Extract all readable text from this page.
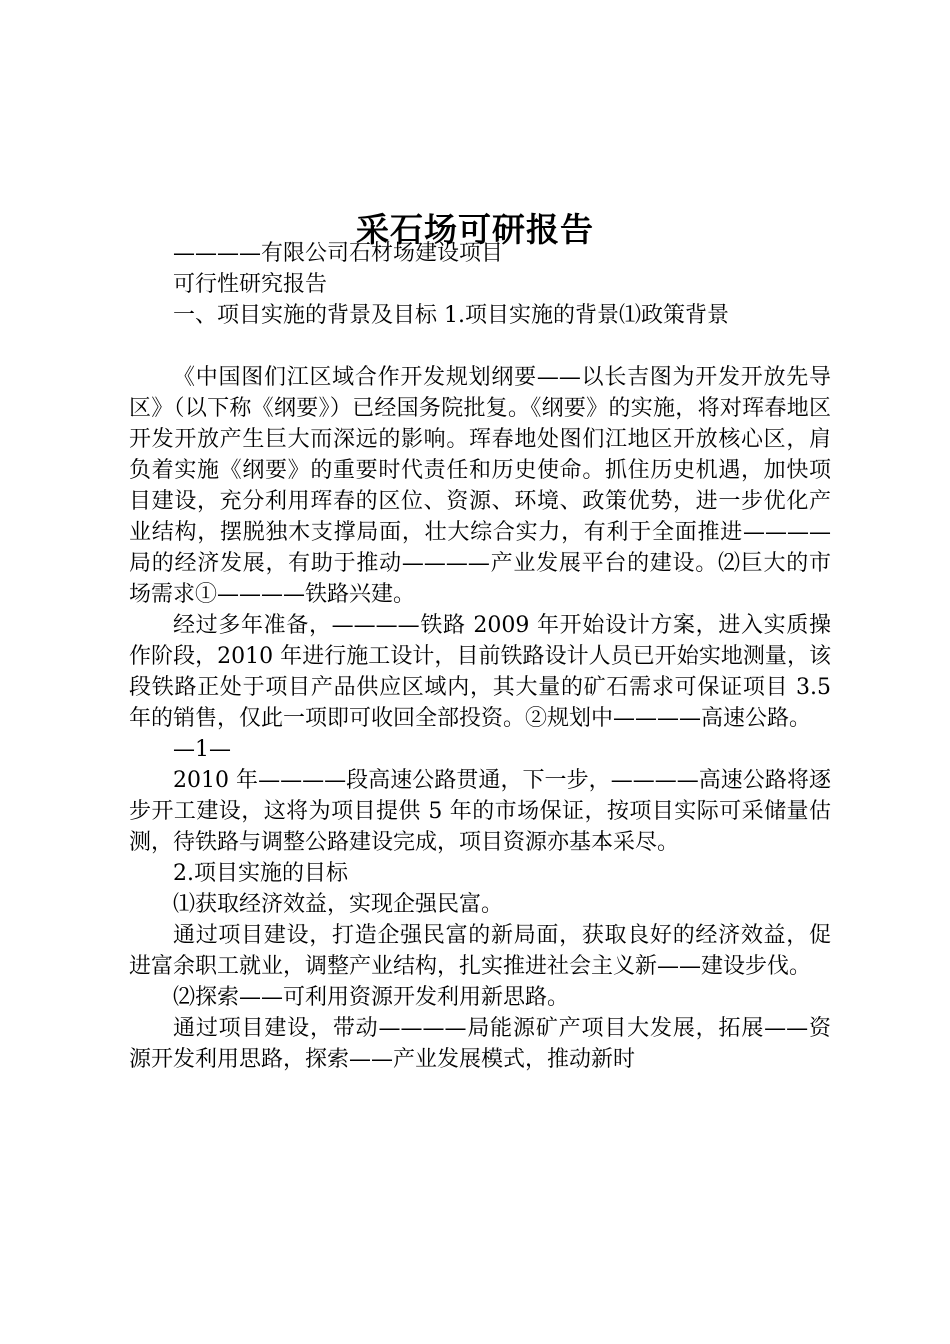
采石场可研报告

————有限公司石材场建设项目

可行性研究报告

一、项目实施的背景及目标 1.项目实施的背景⑴政策背景

《中国图们江区域合作开发规划纲要——以长吉图为开发开放先导区》（以下称《纲要》）已经国务院批复。《纲要》的实施，将对珲春地区开发开放产生巨大而深远的影响。珲春地处图们江地区开放核心区，肩负着实施《纲要》的重要时代责任和历史使命。抓住历史机遇，加快项目建设，充分利用珲春的区位、资源、环境、政策优势，进一步优化产业结构，摆脱独木支撑局面，壮大综合实力，有利于全面推进————局的经济发展，有助于推动————产业发展平台的建设。⑵巨大的市场需求①————铁路兴建。

经过多年准备，————铁路 2009 年开始设计方案，进入实质操作阶段，2010 年进行施工设计，目前铁路设计人员已开始实地测量，该段铁路正处于项目产品供应区域内，其大量的矿石需求可保证项目 3.5 年的销售，仅此一项即可收回全部投资。②规划中————高速公路。

—1—

2010 年————段高速公路贯通，下一步，————高速公路将逐步开工建设，这将为项目提供 5 年的市场保证，按项目实际可采储量估测，待铁路与调整公路建设完成，项目资源亦基本采尽。

2.项目实施的目标

⑴获取经济效益，实现企强民富。

通过项目建设，打造企强民富的新局面，获取良好的经济效益，促进富余职工就业，调整产业结构，扎实推进社会主义新——建设步伐。

⑵探索——可利用资源开发利用新思路。

通过项目建设，带动————局能源矿产项目大发展，拓展——资源开发利用思路，探索——产业发展模式，推动新时
